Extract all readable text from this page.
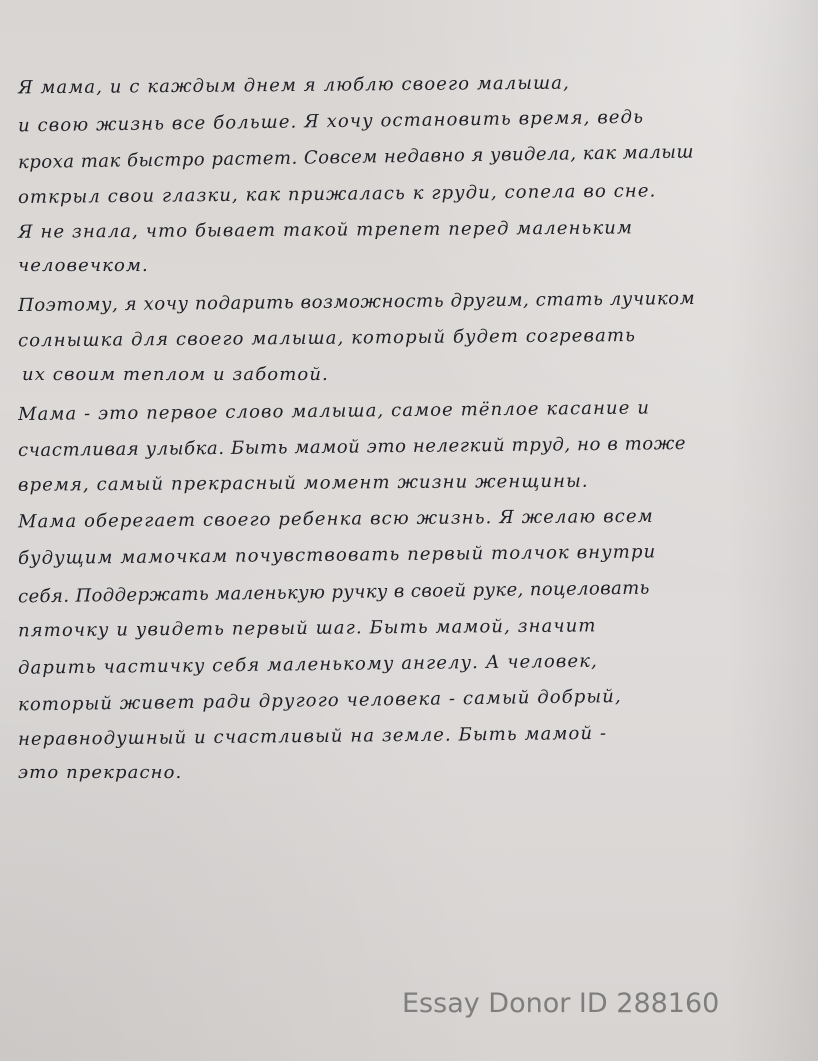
Я мама, и с каждым днем я люблю своего малыша,
и свою жизнь все больше. Я хочу остановить время, ведь
кроха так быстро растет. Совсем недавно я увидела, как малыш
открыл свои глазки, как прижалась к груди, сопела во сне.
Я не знала, что бывает такой трепет перед маленьким
человечком.
Поэтому, я хочу подарить возможность другим, стать лучиком
солнышка для своего малыша, который будет согревать
их своим теплом и заботой.
Мама - это первое слово малыша, самое тёплое касание и
счастливая улыбка. Быть мамой это нелегкий труд, но в тоже
время, самый прекрасный момент жизни женщины.
Мама оберегает своего ребенка всю жизнь. Я желаю всем
будущим мамочкам почувствовать первый толчок внутри
себя. Поддержать маленькую ручку в своей руке, поцеловать
пяточку и увидеть первый шаг. Быть мамой, значит
дарить частичку себя маленькому ангелу. А человек,
который живет ради другого человека - самый добрый,
неравнодушный и счастливый на земле. Быть мамой -
это прекрасно.
Essay Donor ID 288160
